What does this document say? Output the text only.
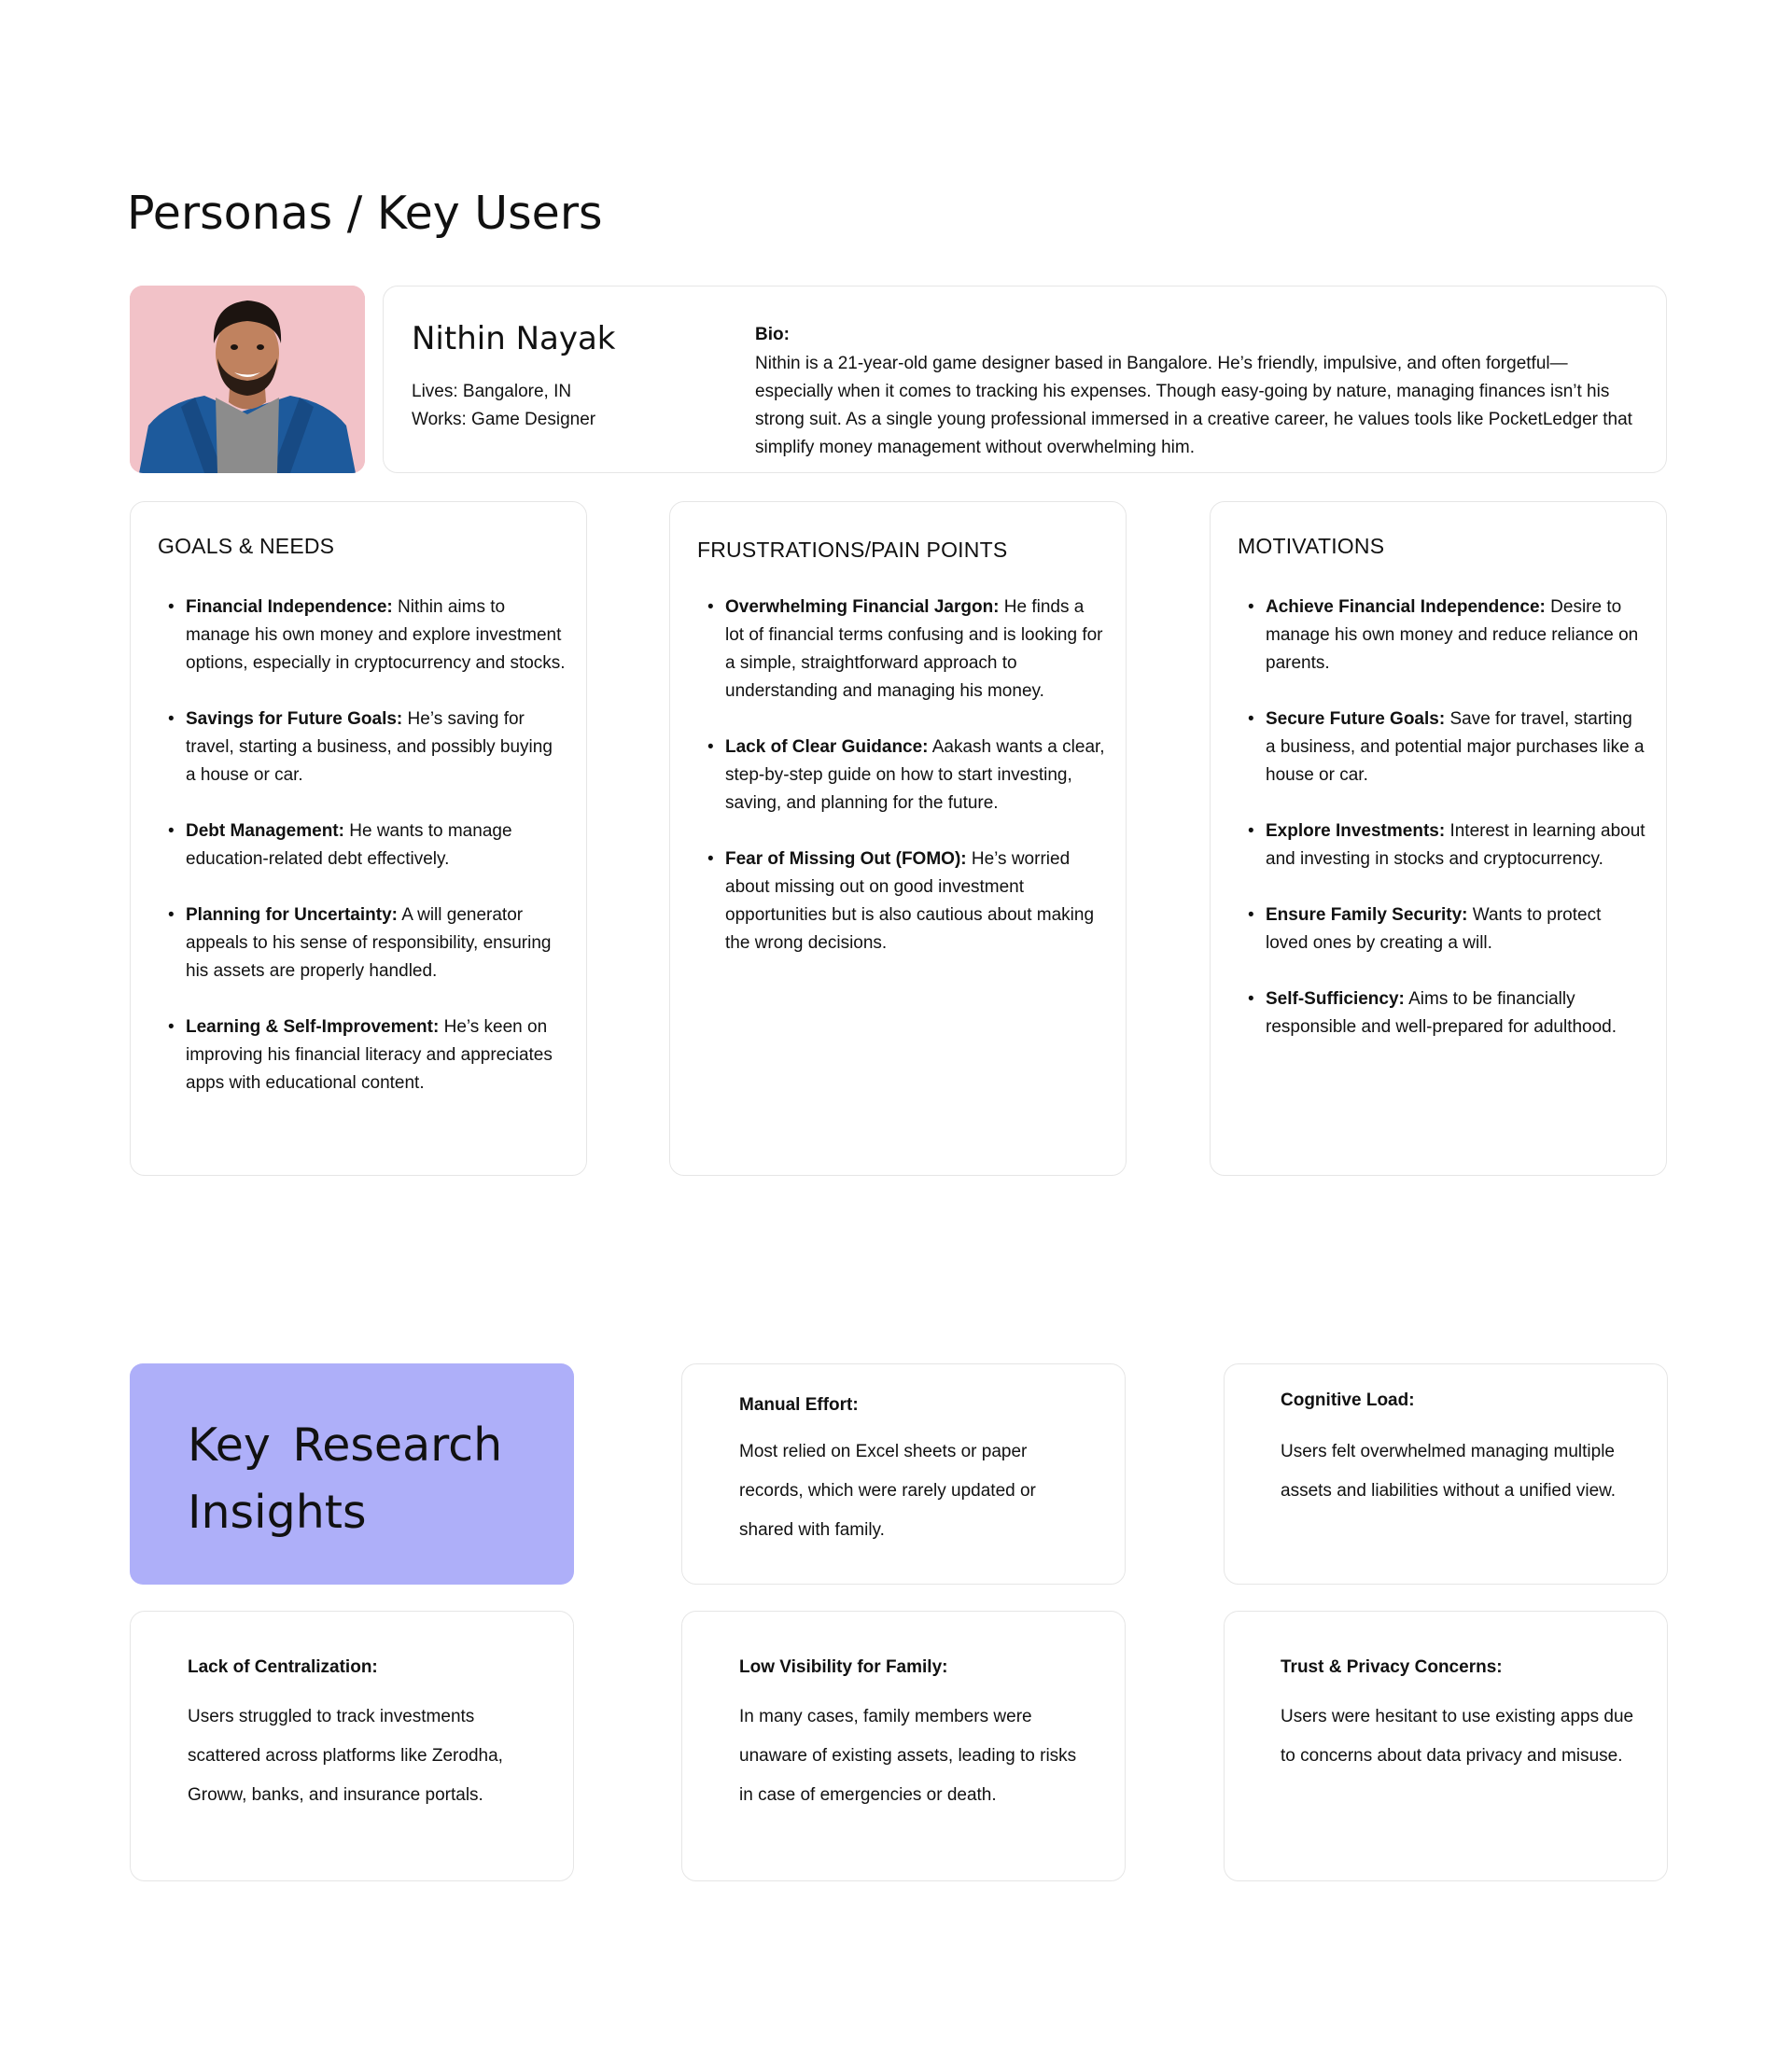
Personas / Key Users
Nithin Nayak
Lives: Bangalore, IN
Works: Game Designer
Bio:
Nithin is a 21-year-old game designer based in Bangalore. He’s friendly, impulsive, and often forgetful—especially when it comes to tracking his expenses. Though easy-going by nature, managing finances isn’t his strong suit. As a single young professional immersed in a creative career, he values tools like PocketLedger that simplify money management without overwhelming him.
GOALS & NEEDS
• Financial Independence: Nithin aims to manage his own money and explore investment options, especially in cryptocurrency and stocks.
• Savings for Future Goals: He’s saving for travel, starting a business, and possibly buying a house or car.
• Debt Management: He wants to manage education-related debt effectively.
• Planning for Uncertainty: A will generator appeals to his sense of responsibility, ensuring his assets are properly handled.
• Learning & Self-Improvement: He’s keen on improving his financial literacy and appreciates apps with educational content.
FRUSTRATIONS/PAIN POINTS
• Overwhelming Financial Jargon: He finds a lot of financial terms confusing and is looking for a simple, straightforward approach to understanding and managing his money.
• Lack of Clear Guidance: Aakash wants a clear, step-by-step guide on how to start investing, saving, and planning for the future.
• Fear of Missing Out (FOMO): He’s worried about missing out on good investment opportunities but is also cautious about making the wrong decisions.
MOTIVATIONS
• Achieve Financial Independence: Desire to manage his own money and reduce reliance on parents.
• Secure Future Goals: Save for travel, starting a business, and potential major purchases like a house or car.
• Explore Investments: Interest in learning about and investing in stocks and cryptocurrency.
• Ensure Family Security: Wants to protect loved ones by creating a will.
• Self-Sufficiency: Aims to be financially responsible and well-prepared for adulthood.
Key Research Insights
Manual Effort:
Most relied on Excel sheets or paper records, which were rarely updated or shared with family.
Cognitive Load:
Users felt overwhelmed managing multiple assets and liabilities without a unified view.
Lack of Centralization:
Users struggled to track investments scattered across platforms like Zerodha, Groww, banks, and insurance portals.
Low Visibility for Family:
In many cases, family members were unaware of existing assets, leading to risks in case of emergencies or death.
Trust & Privacy Concerns:
Users were hesitant to use existing apps due to concerns about data privacy and misuse.
